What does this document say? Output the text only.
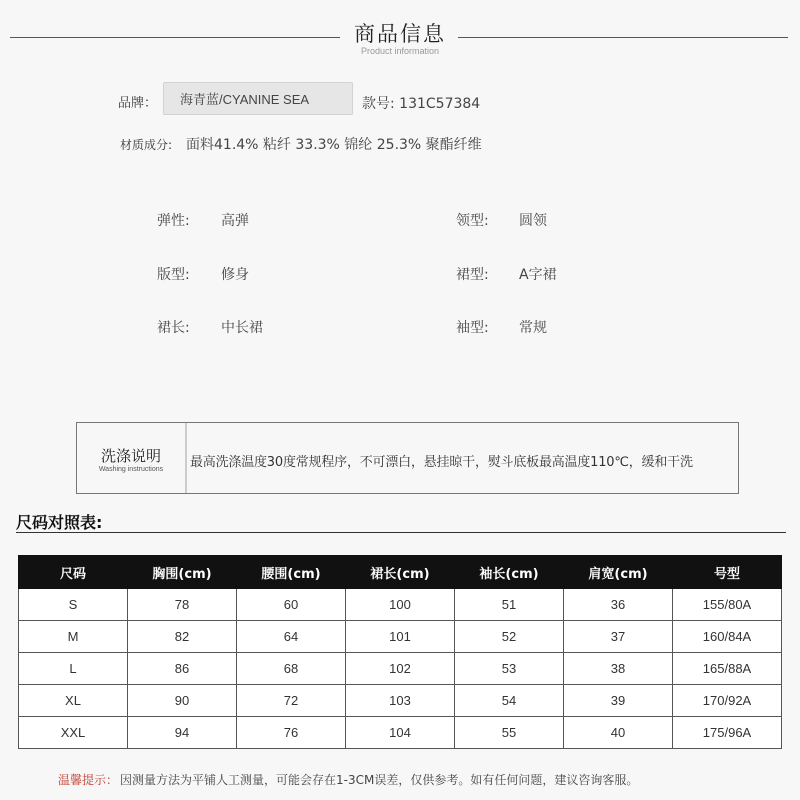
商品信息
Product information
品牌：	海青蓝/CYANINE SEA	款号: 131C57384
材质成分: 面料41.4% 粘纤 33.3% 锦纶 25.3% 聚酯纤维
弹性: 高弹	领型: 圆领
版型: 修身	裙型: A字裙
裙长: 中长裙	袖型: 常规
洗涤说明
Washing instructions	最高洗涤温度30度常规程序，不可漂白，悬挂晾干，熨斗底板最高温度110℃，缓和干洗
尺码对照表:
尺码	胸围(cm)	腰围(cm)	裙长(cm)	袖长(cm)	肩宽(cm)	号型
S	78	60	100	51	36	155/80A
M	82	64	101	52	37	160/84A
L	86	68	102	53	38	165/88A
XL	90	72	103	54	39	170/92A
XXL	94	76	104	55	40	175/96A
温馨提示： 因测量方法为平铺人工测量，可能会存在1-3CM误差，仅供参考。如有任何问题，建议咨询客服。
